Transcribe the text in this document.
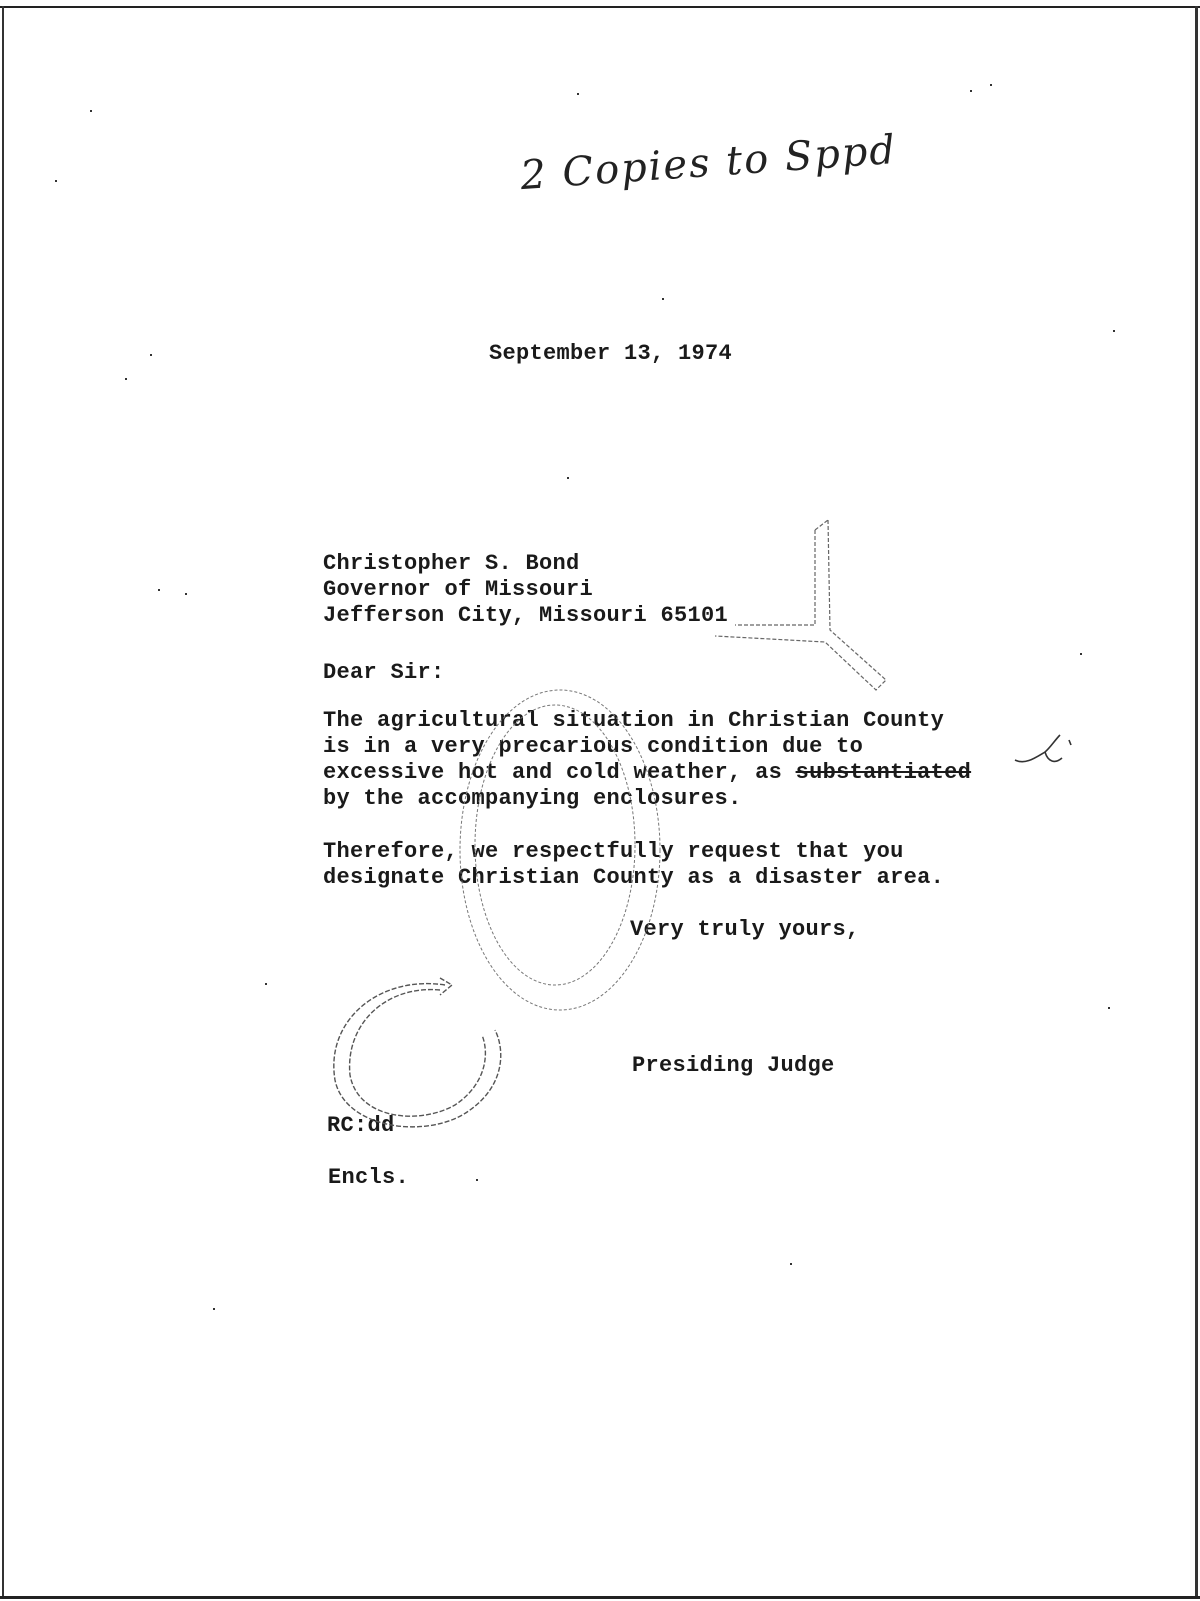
2 Copies to Sppd
September 13, 1974
Christopher S. Bond
Governor of Missouri
Jefferson City, Missouri 65101
Dear Sir:
The agricultural situation in Christian County
is in a very precarious condition due to
excessive hot and cold weather, as substantiated
by the accompanying enclosures.
Therefore, we respectfully request that you
designate Christian County as a disaster area.
Very truly yours,
Presiding Judge
RC:dd
Encls.
